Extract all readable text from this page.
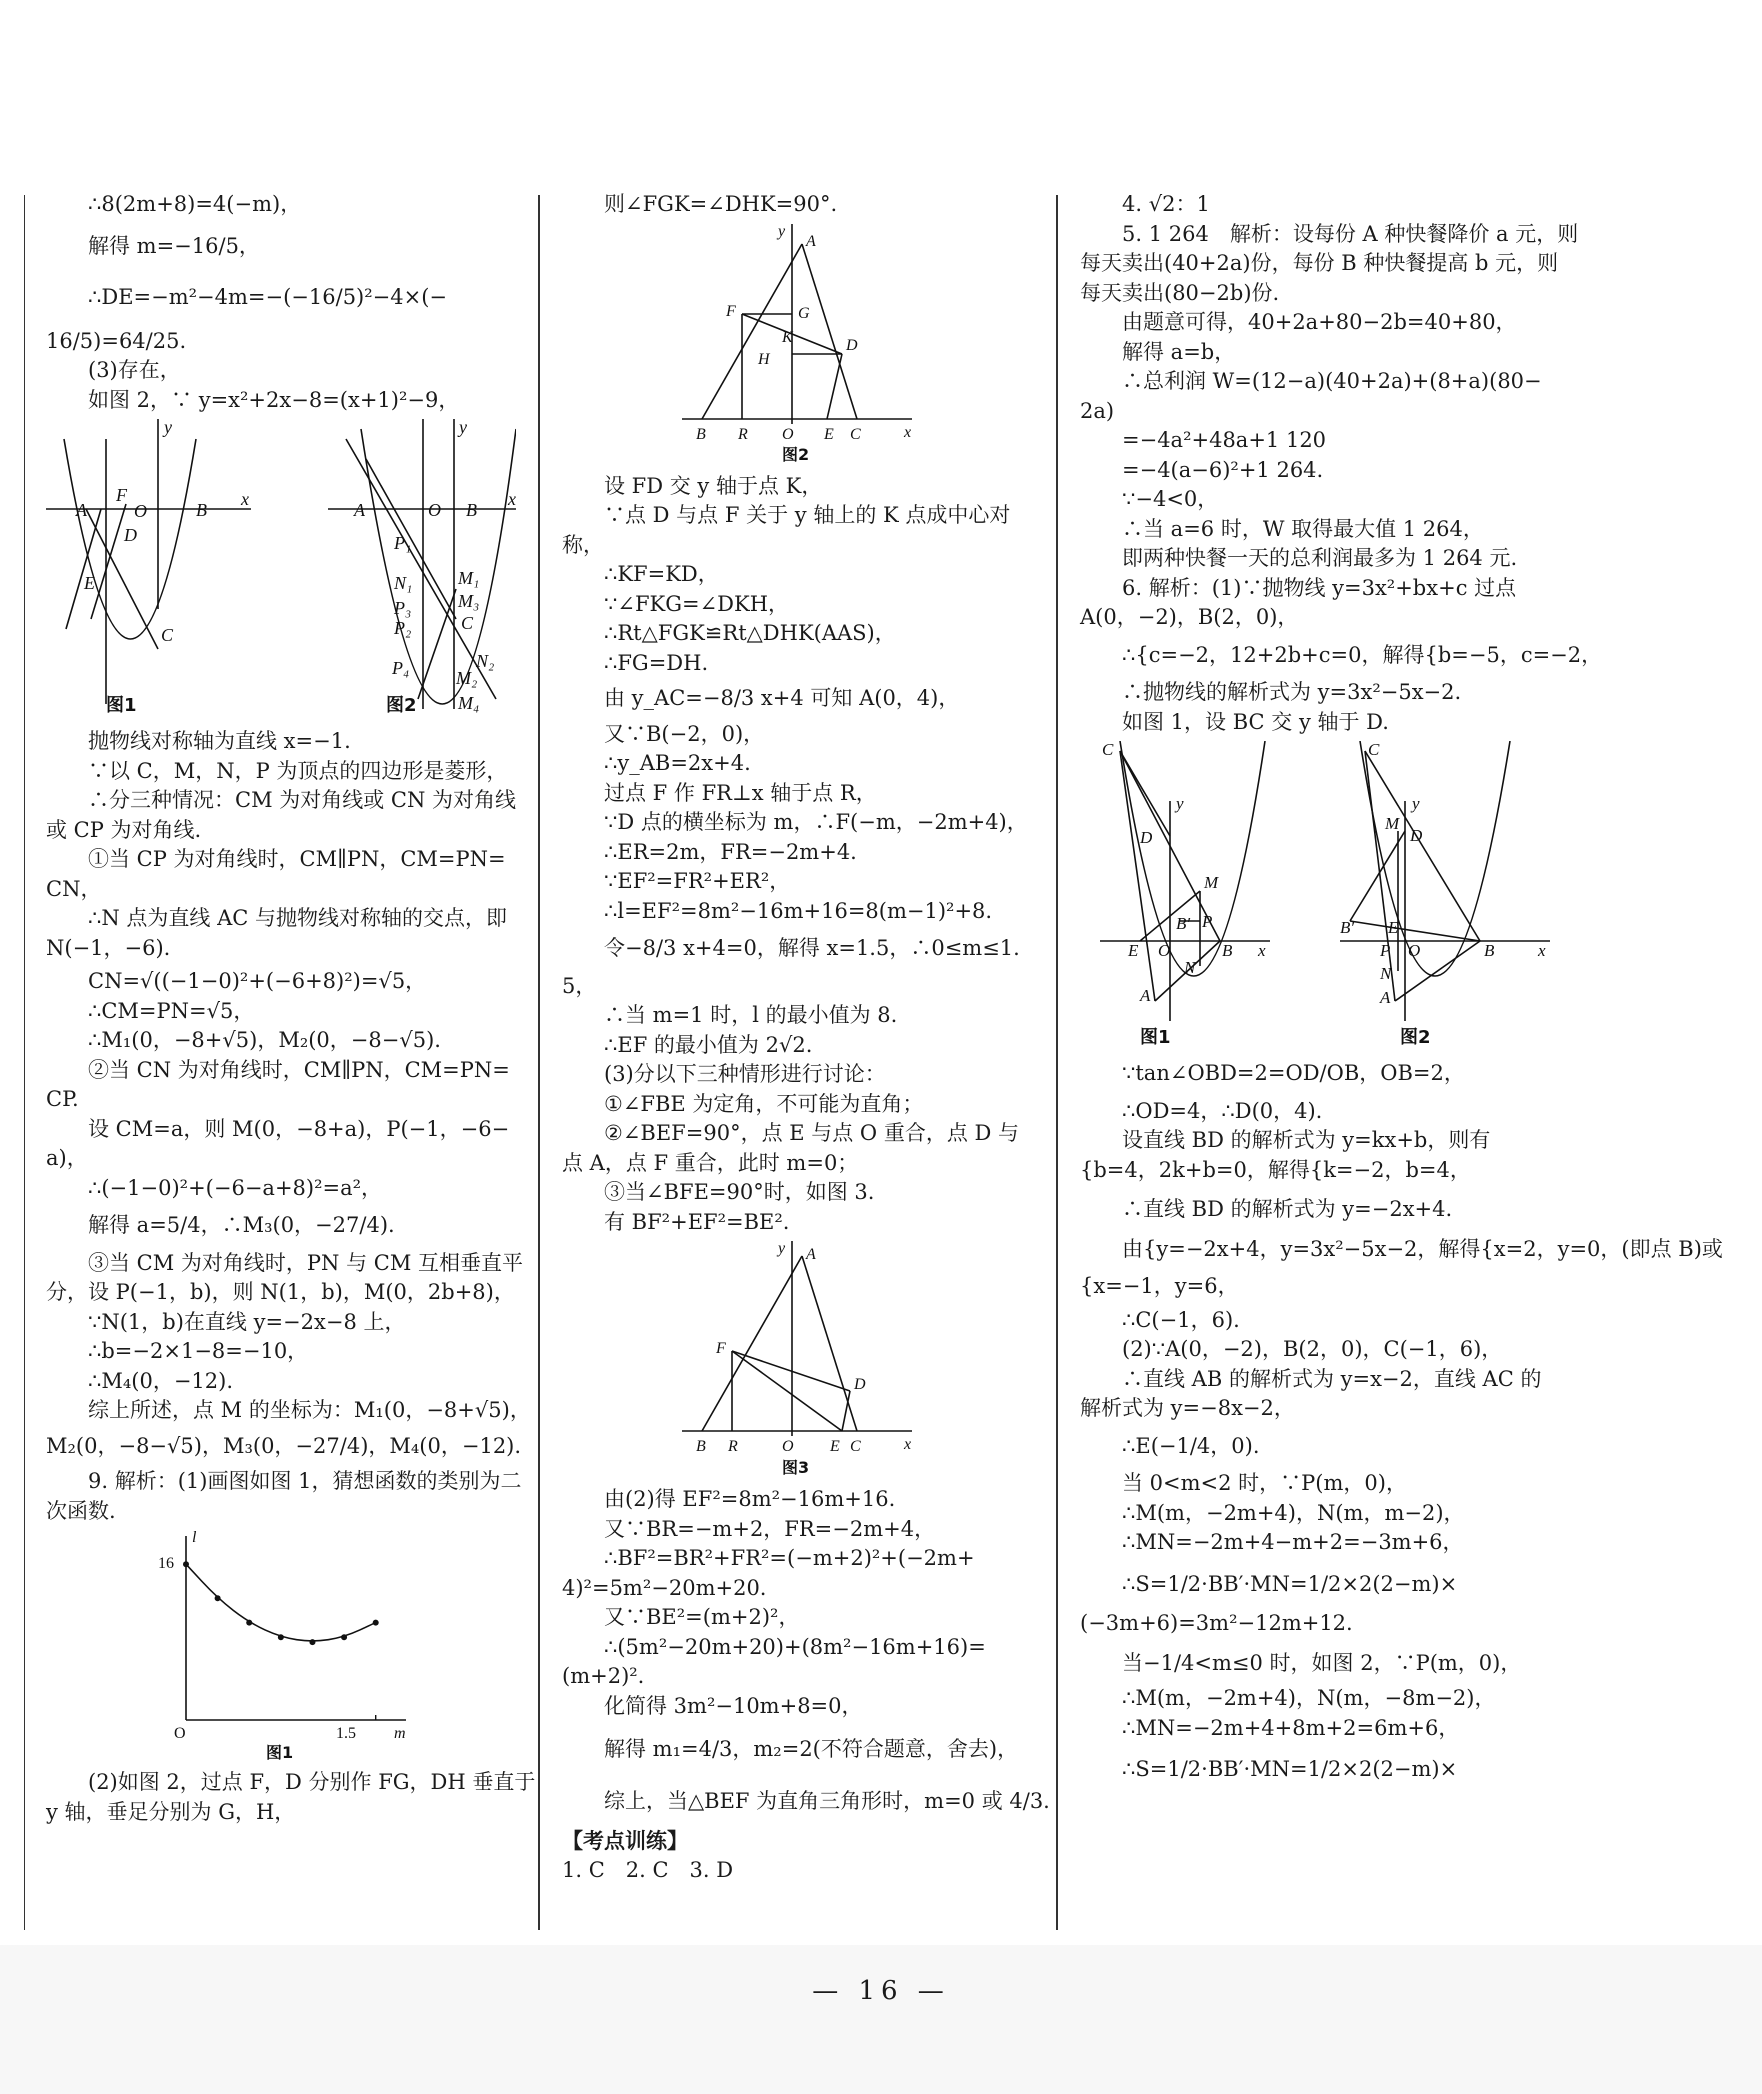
∴8(2m+8)=4(−m)，

解得 m=−16/5，

∴DE=−m²−4m=−(−16/5)²−4×(−

16/5)=64/25.

(3)存在，

如图 2，∵ y=x²+2x−8=(x+1)²−9，

y
x
A
F
O
D
B
E
C
y
x
A	O B
P₁
N₁	M₁
P₃	M₃
P₂	C
P₄	N₂
M₂
M₄
图1	图2

抛物线对称轴为直线 x=−1.

∵以 C，M，N，P 为顶点的四边形是菱形，

∴分三种情况：CM 为对角线或 CN 为对角线

或 CP 为对角线.

①当 CP 为对角线时，CM∥PN，CM=PN=

CN，

∴N 点为直线 AC 与抛物线对称轴的交点，即

N(−1，−6).

CN=√((−1−0)²+(−6+8)²)=√5，

∴CM=PN=√5，

∴M₁(0，−8+√5)，M₂(0，−8−√5).

②当 CN 为对角线时，CM∥PN，CM=PN=

CP.

设 CM=a，则 M(0，−8+a)，P(−1，−6−

a)，

∴(−1−0)²+(−6−a+8)²=a²，

解得 a=5/4，∴M₃(0，−27/4).

③当 CM 为对角线时，PN 与 CM 互相垂直平

分，设 P(−1，b)，则 N(1，b)，M(0，2b+8)，

∵N(1，b)在直线 y=−2x−8 上，

∴b=−2×1−8=−10，

∴M₄(0，−12).

综上所述，点 M 的坐标为：M₁(0，−8+√5)，

M₂(0，−8−√5)，M₃(0，−27/4)，M₄(0，−12).

9. 解析：(1)画图如图 1，猜想函数的类别为二

次函数.

l
16
O	1.5 m
图1

(2)如图 2，过点 F，D 分别作 FG，DH 垂直于

y 轴，垂足分别为 G，H，

则∠FGK=∠DHK=90°.

y
A
F	G
K
H
D
B R O E C	x
图2

设 FD 交 y 轴于点 K，

∵点 D 与点 F 关于 y 轴上的 K 点成中心对

称，

∴KF=KD，

∵∠FKG=∠DKH，

∴Rt△FGK≌Rt△DHK(AAS)，

∴FG=DH.

由 y_AC=−8/3 x+4 可知 A(0，4)，

又∵B(−2，0)，

∴y_AB=2x+4.

过点 F 作 FR⊥x 轴于点 R，

∵D 点的横坐标为 m，∴F(−m，−2m+4)，

∴ER=2m，FR=−2m+4.

∵EF²=FR²+ER²，

∴l=EF²=8m²−16m+16=8(m−1)²+8.

令−8/3 x+4=0，解得 x=1.5，∴0≤m≤1.

5，

∴当 m=1 时，l 的最小值为 8.

∴EF 的最小值为 2√2.

(3)分以下三种情形进行讨论：

①∠FBE 为定角，不可能为直角；

②∠BEF=90°，点 E 与点 O 重合，点 D 与

点 A，点 F 重合，此时 m=0；

③当∠BFE=90°时，如图 3.

有 BF²+EF²=BE².

y A
F
D
B R	O E C	x
图3

由(2)得 EF²=8m²−16m+16.

又∵BR=−m+2，FR=−2m+4，

∴BF²=BR²+FR²=(−m+2)²+(−2m+

4)²=5m²−20m+20.

又∵BE²=(m+2)²，

∴(5m²−20m+20)+(8m²−16m+16)=

(m+2)².

化简得 3m²−10m+8=0，

解得 m₁=4/3，m₂=2(不符合题意，舍去)，

综上，当△BEF 为直角三角形时，m=0 或 4/3.

【考点训练】

1. C　2. C　3. D

4. √2：1

5. 1 264　解析：设每份 A 种快餐降价 a 元，则

每天卖出(40+2a)份，每份 B 种快餐提高 b 元，则

每天卖出(80−2b)份.

由题意可得，40+2a+80−2b=40+80，

解得 a=b，

∴总利润 W=(12−a)(40+2a)+(8+a)(80−

2a)

=−4a²+48a+1 120

=−4(a−6)²+1 264.

∵−4<0，

∴当 a=6 时，W 取得最大值 1 264，

即两种快餐一天的总利润最多为 1 264 元.

6. 解析：(1)∵抛物线 y=3x²+bx+c 过点

A(0，−2)，B(2，0)，

∴{c=−2，12+2b+c=0，解得{b=−5，c=−2，

∴抛物线的解析式为 y=3x²−5x−2.

如图 1，设 BC 交 y 轴于 D.

C
y
D
M
B′ P
E O	B
N
A
x
C
y
M
D
B′ E
P O	B
N
A
x
图1	图2

∵tan∠OBD=2=OD/OB，OB=2，

∴OD=4，∴D(0，4).

设直线 BD 的解析式为 y=kx+b，则有

{b=4，2k+b=0，解得{k=−2，b=4，

∴直线 BD 的解析式为 y=−2x+4.

由{y=−2x+4，y=3x²−5x−2，解得{x=2，y=0，(即点 B)或

{x=−1，y=6，

∴C(−1，6).

(2)∵A(0，−2)，B(2，0)，C(−1，6)，

∴直线 AB 的解析式为 y=x−2，直线 AC 的

解析式为 y=−8x−2，

∴E(−1/4，0).

当 0<m<2 时，∵P(m，0)，

∴M(m，−2m+4)，N(m，m−2)，

∴MN=−2m+4−m+2=−3m+6，

∴S=1/2·BB′·MN=1/2×2(2−m)×

(−3m+6)=3m²−12m+12.

当−1/4<m≤0 时，如图 2，∵P(m，0)，

∴M(m，−2m+4)，N(m，−8m−2)，

∴MN=−2m+4+8m+2=6m+6，

∴S=1/2·BB′·MN=1/2×2(2−m)×

— 16 —
